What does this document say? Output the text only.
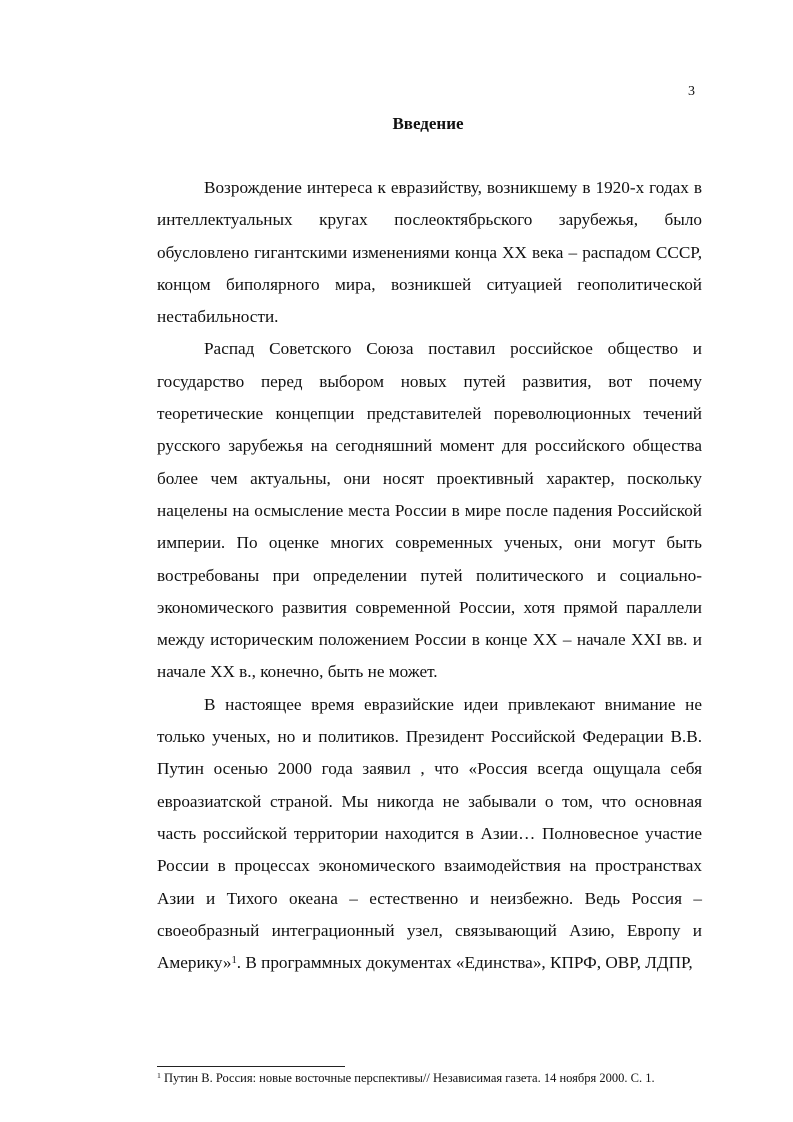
3
Введение

Возрождение интереса к евразийству, возникшему в 1920-х годах в интеллектуальных кругах послеоктябрьского зарубежья, было обусловлено гигантскими изменениями конца XX века – распадом СССР, концом биполярного мира, возникшей ситуацией геополитической нестабильности.

Распад Советского Союза поставил российское общество и государство перед выбором новых путей развития, вот почему теоретические концепции представителей пореволюционных течений русского зарубежья на сегодняшний момент для российского общества более чем актуальны, они носят проективный характер, поскольку нацелены на осмысление места России в мире после падения Российской империи. По оценке многих современных ученых, они могут быть востребованы при определении путей политического и социально-экономического развития современной России, хотя прямой параллели между историческим положением России в конце XX – начале XXI вв. и начале XX в., конечно, быть не может.

В настоящее время евразийские идеи привлекают внимание не только ученых, но и политиков. Президент Российской Федерации В.В. Путин осенью 2000 года заявил , что «Россия всегда ощущала себя евроазиатской страной. Мы никогда не забывали о том, что основная часть российской территории находится в Азии… Полновесное участие России в процессах экономического взаимодействия на пространствах Азии и Тихого океана – естественно и неизбежно. Ведь Россия – своеобразный интеграционный узел, связывающий Азию, Европу и Америку»$^1$. В программных документах «Единства», КПРФ, ОВР, ЛДПР,

$^1$ Путин В. Россия: новые восточные перспективы// Независимая газета. 14 ноября 2000. С. 1.
